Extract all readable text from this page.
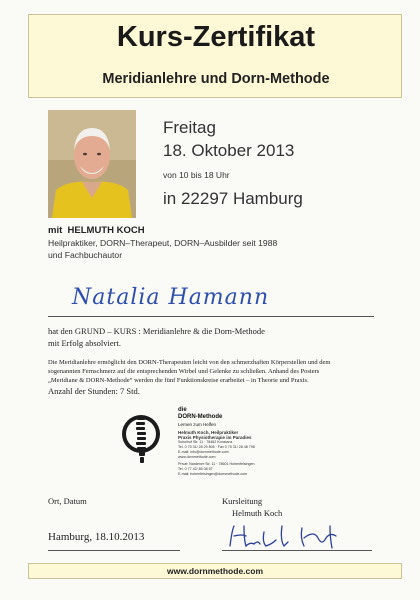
Kurs-Zertifikat
Meridianlehre und Dorn-Methode
Freitag
18. Oktober 2013
von 10 bis 18 Uhr
in 22297 Hamburg
mit HELMUTH KOCH
Heilpraktiker, DORN–Therapeut, DORN–Ausbilder seit 1988
und Fachbuchautor
Natalia Hamann
hat den GRUND – KURS : Meridianlehre & die Dorn-Methode
mit Erfolg absolviert.
Die Meridianlehre ermöglicht den DORN-Therapeuten leicht von den schmerzhaften Körperstellen und dem
sogenannten Fernschmerz auf die entsprechenden Wirbel und Gelenke zu schließen. Anhand des Posters
„Meridiane & DORN-Methode“ werden die fünf Funktionskreise erarbeitet – in Theorie und Praxis.
Anzahl der Stunden: 7 Std.
die
DORN-Methode
Lernen zum Helfen
Helmuth Koch, Heilpraktiker
Praxis Physiotherapie im Paradies
Schulhof Str. 11 · 78462 Konstanz
Tel. 0 75 31/ 28 29 805 · Fax 0 75 31/ 28 48 798
E-mail: info@dornmethode.com
www.dornmethode.com
Privat: Nardener Str. 11 · 78601 Hohenfelsingen
Tel. 0 77 42/ 85 08 67
E-mail: hohenfelsingen@dornmethode.com
Ort, Datum	Kursleitung
Helmuth Koch
Hamburg, 18.10.2013
www.dornmethode.com
